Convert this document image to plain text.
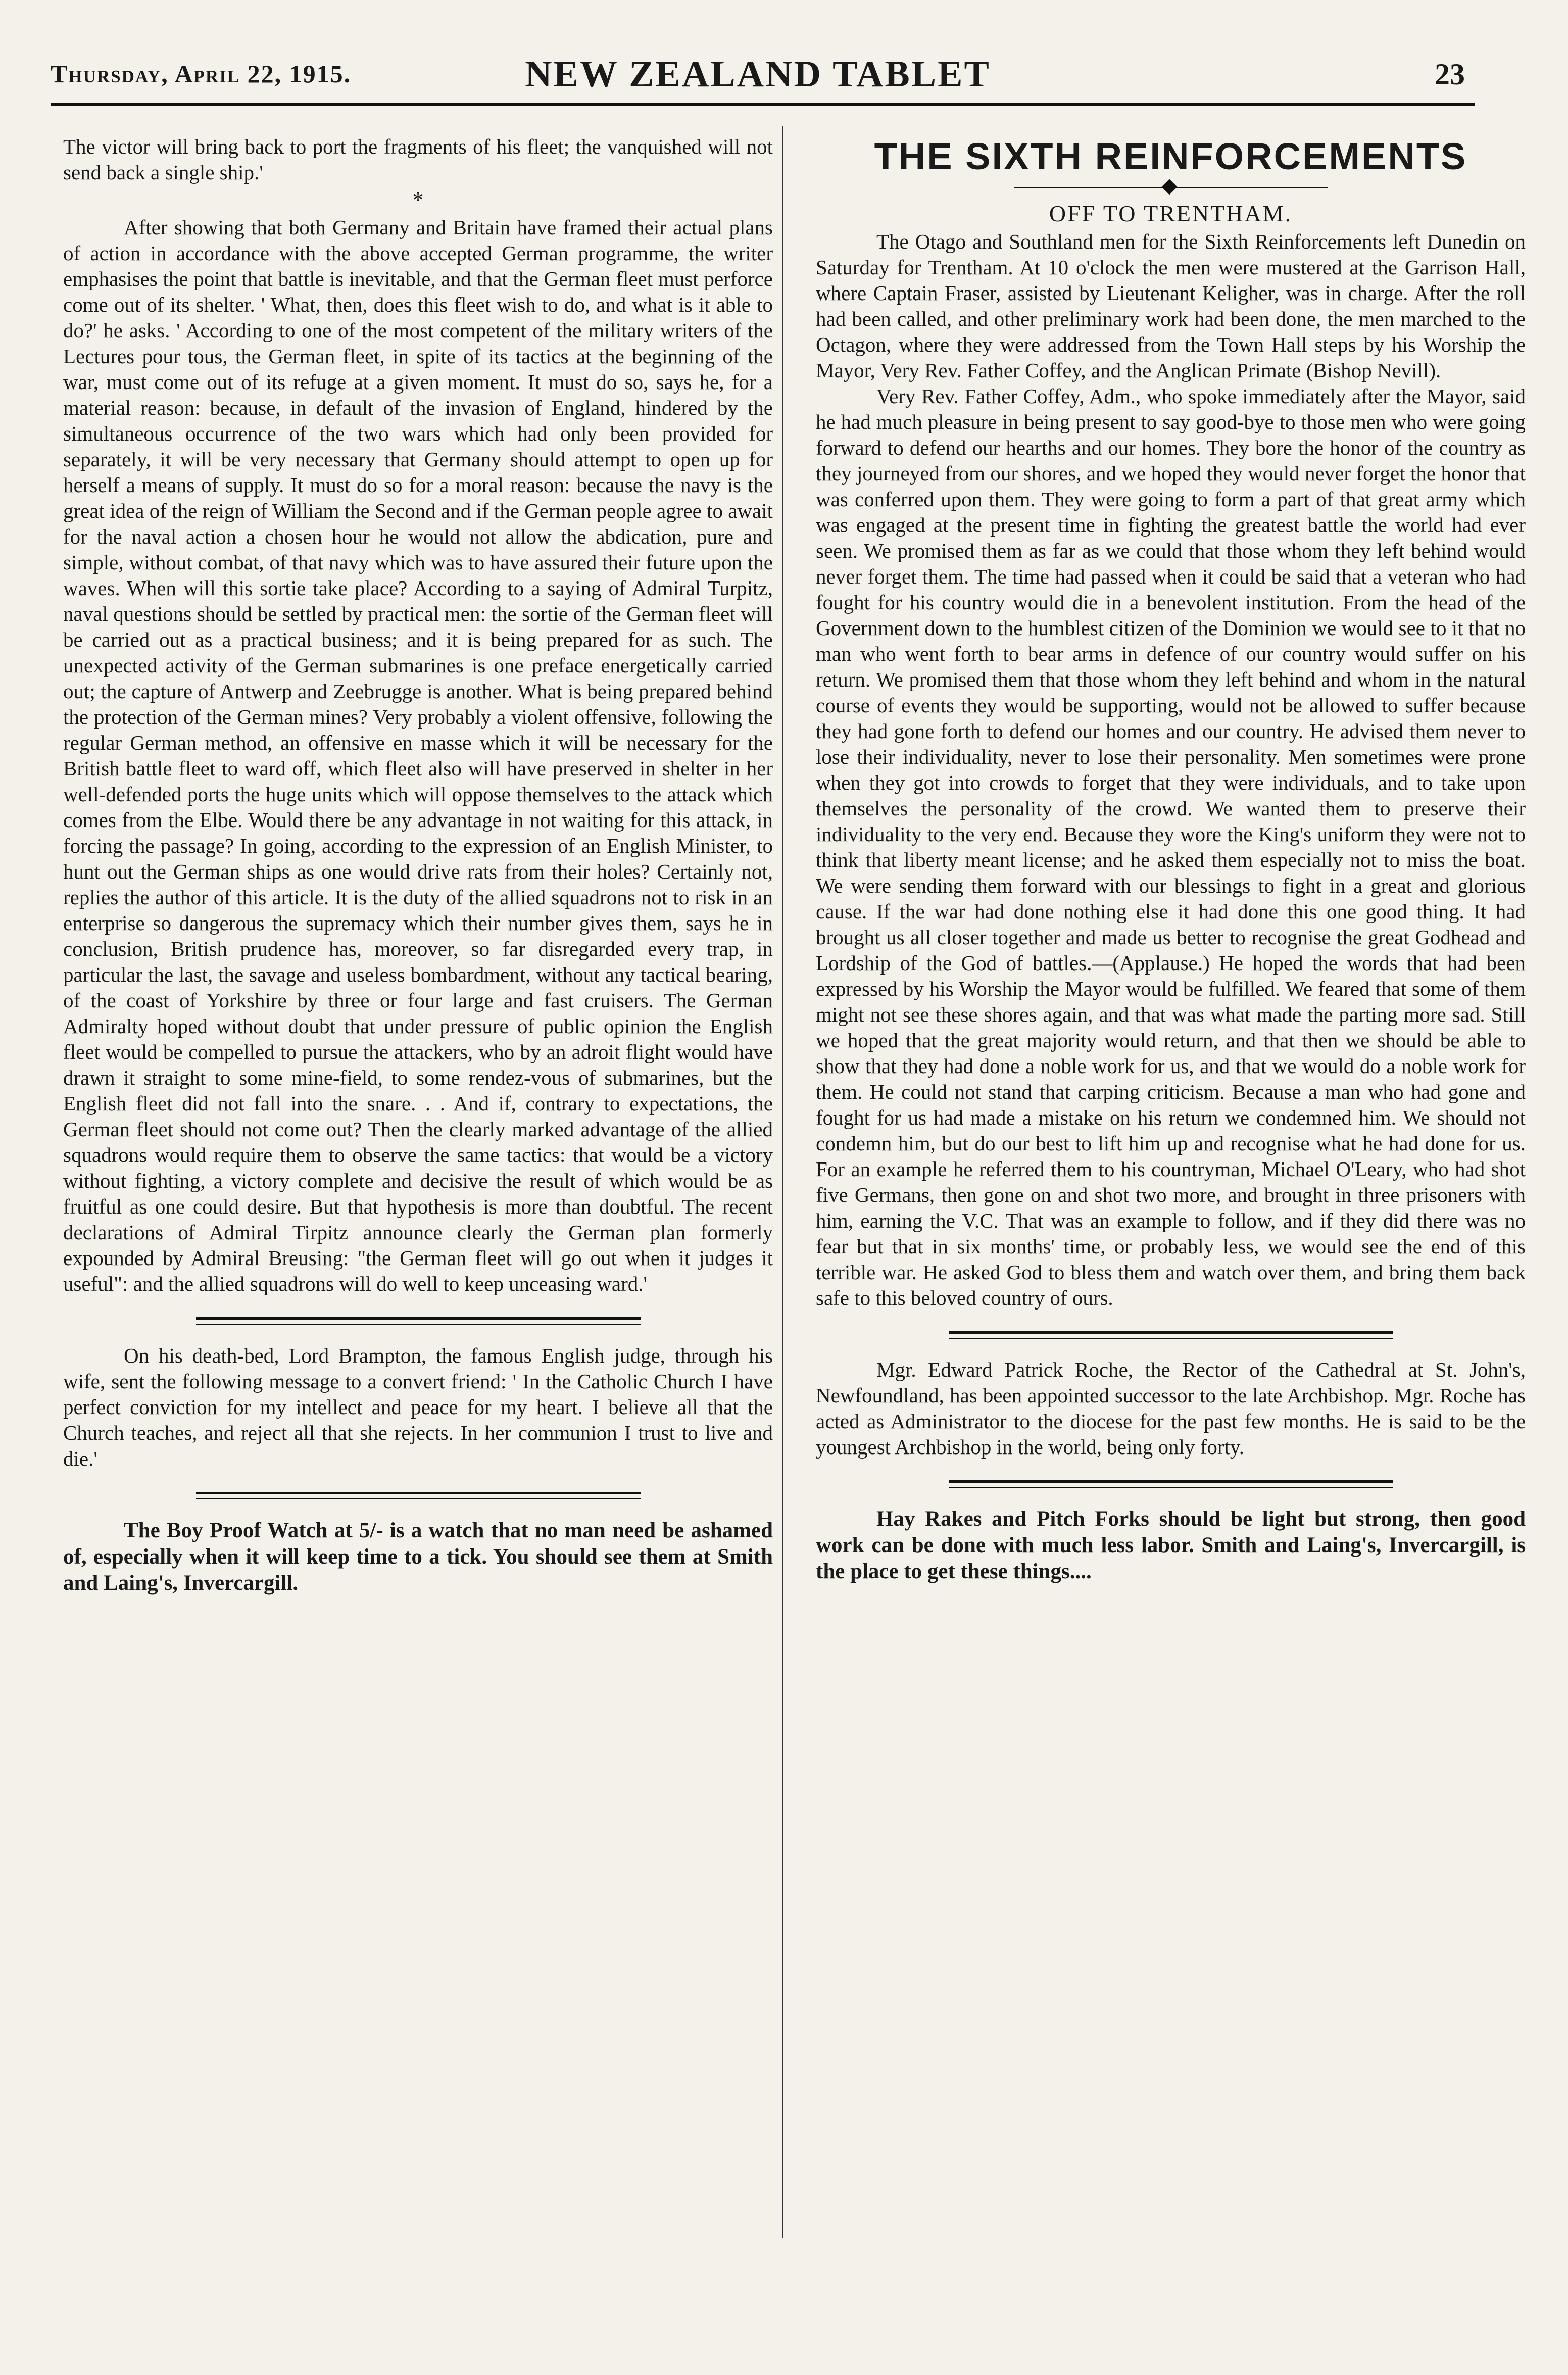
Thursday, April 22, 1915.	NEW ZEALAND TABLET	23

The victor will bring back to port the fragments of his fleet; the vanquished will not send back a single ship.'

*

After showing that both Germany and Britain have framed their actual plans of action in accordance with the above accepted German programme, the writer emphasises the point that battle is inevitable, and that the German fleet must perforce come out of its shelter. ' What, then, does this fleet wish to do, and what is it able to do?' he asks. ' According to one of the most competent of the military writers of the Lectures pour tous, the German fleet, in spite of its tactics at the beginning of the war, must come out of its refuge at a given moment. It must do so, says he, for a material reason: because, in default of the invasion of England, hindered by the simultaneous occurrence of the two wars which had only been provided for separately, it will be very necessary that Germany should attempt to open up for herself a means of supply. It must do so for a moral reason: because the navy is the great idea of the reign of William the Second and if the German people agree to await for the naval action a chosen hour he would not allow the abdication, pure and simple, without combat, of that navy which was to have assured their future upon the waves. When will this sortie take place? According to a saying of Admiral Turpitz, naval questions should be settled by practical men: the sortie of the German fleet will be carried out as a practical business; and it is being prepared for as such. The unexpected activity of the German submarines is one preface energetically carried out; the capture of Antwerp and Zeebrugge is another. What is being prepared behind the protection of the German mines? Very probably a violent offensive, following the regular German method, an offensive en masse which it will be necessary for the British battle fleet to ward off, which fleet also will have preserved in shelter in her well-defended ports the huge units which will oppose themselves to the attack which comes from the Elbe. Would there be any advantage in not waiting for this attack, in forcing the passage? In going, according to the expression of an English Minister, to hunt out the German ships as one would drive rats from their holes? Certainly not, replies the author of this article. It is the duty of the allied squadrons not to risk in an enterprise so dangerous the supremacy which their number gives them, says he in conclusion, British prudence has, moreover, so far disregarded every trap, in particular the last, the savage and useless bombardment, without any tactical bearing, of the coast of Yorkshire by three or four large and fast cruisers. The German Admiralty hoped without doubt that under pressure of public opinion the English fleet would be compelled to pursue the attackers, who by an adroit flight would have drawn it straight to some mine-field, to some rendez-vous of submarines, but the English fleet did not fall into the snare. . . And if, contrary to expectations, the German fleet should not come out? Then the clearly marked advantage of the allied squadrons would require them to observe the same tactics: that would be a victory without fighting, a victory complete and decisive the result of which would be as fruitful as one could desire. But that hypothesis is more than doubtful. The recent declarations of Admiral Tirpitz announce clearly the German plan formerly expounded by Admiral Breusing: "the German fleet will go out when it judges it useful": and the allied squadrons will do well to keep unceasing ward.'

On his death-bed, Lord Brampton, the famous English judge, through his wife, sent the following message to a convert friend: ' In the Catholic Church I have perfect conviction for my intellect and peace for my heart. I believe all that the Church teaches, and reject all that she rejects. In her communion I trust to live and die.'

The Boy Proof Watch at 5/- is a watch that no man need be ashamed of, especially when it will keep time to a tick. You should see them at Smith and Laing's, Invercargill.

THE SIXTH REINFORCEMENTS

OFF TO TRENTHAM.

The Otago and Southland men for the Sixth Reinforcements left Dunedin on Saturday for Trentham. At 10 o'clock the men were mustered at the Garrison Hall, where Captain Fraser, assisted by Lieutenant Keligher, was in charge. After the roll had been called, and other preliminary work had been done, the men marched to the Octagon, where they were addressed from the Town Hall steps by his Worship the Mayor, Very Rev. Father Coffey, and the Anglican Primate (Bishop Nevill).

Very Rev. Father Coffey, Adm., who spoke immediately after the Mayor, said he had much pleasure in being present to say good-bye to those men who were going forward to defend our hearths and our homes. They bore the honor of the country as they journeyed from our shores, and we hoped they would never forget the honor that was conferred upon them. They were going to form a part of that great army which was engaged at the present time in fighting the greatest battle the world had ever seen. We promised them as far as we could that those whom they left behind would never forget them. The time had passed when it could be said that a veteran who had fought for his country would die in a benevolent institution. From the head of the Government down to the humblest citizen of the Dominion we would see to it that no man who went forth to bear arms in defence of our country would suffer on his return. We promised them that those whom they left behind and whom in the natural course of events they would be supporting, would not be allowed to suffer because they had gone forth to defend our homes and our country. He advised them never to lose their individuality, never to lose their personality. Men sometimes were prone when they got into crowds to forget that they were individuals, and to take upon themselves the personality of the crowd. We wanted them to preserve their individuality to the very end. Because they wore the King's uniform they were not to think that liberty meant license; and he asked them especially not to miss the boat. We were sending them forward with our blessings to fight in a great and glorious cause. If the war had done nothing else it had done this one good thing. It had brought us all closer together and made us better to recognise the great Godhead and Lordship of the God of battles.—(Applause.) He hoped the words that had been expressed by his Worship the Mayor would be fulfilled. We feared that some of them might not see these shores again, and that was what made the parting more sad. Still we hoped that the great majority would return, and that then we should be able to show that they had done a noble work for us, and that we would do a noble work for them. He could not stand that carping criticism. Because a man who had gone and fought for us had made a mistake on his return we condemned him. We should not condemn him, but do our best to lift him up and recognise what he had done for us. For an example he referred them to his countryman, Michael O'Leary, who had shot five Germans, then gone on and shot two more, and brought in three prisoners with him, earning the V.C. That was an example to follow, and if they did there was no fear but that in six months' time, or probably less, we would see the end of this terrible war. He asked God to bless them and watch over them, and bring them back safe to this beloved country of ours.

Mgr. Edward Patrick Roche, the Rector of the Cathedral at St. John's, Newfoundland, has been appointed successor to the late Archbishop. Mgr. Roche has acted as Administrator to the diocese for the past few months. He is said to be the youngest Archbishop in the world, being only forty.

Hay Rakes and Pitch Forks should be light but strong, then good work can be done with much less labor. Smith and Laing's, Invercargill, is the place to get these things....
